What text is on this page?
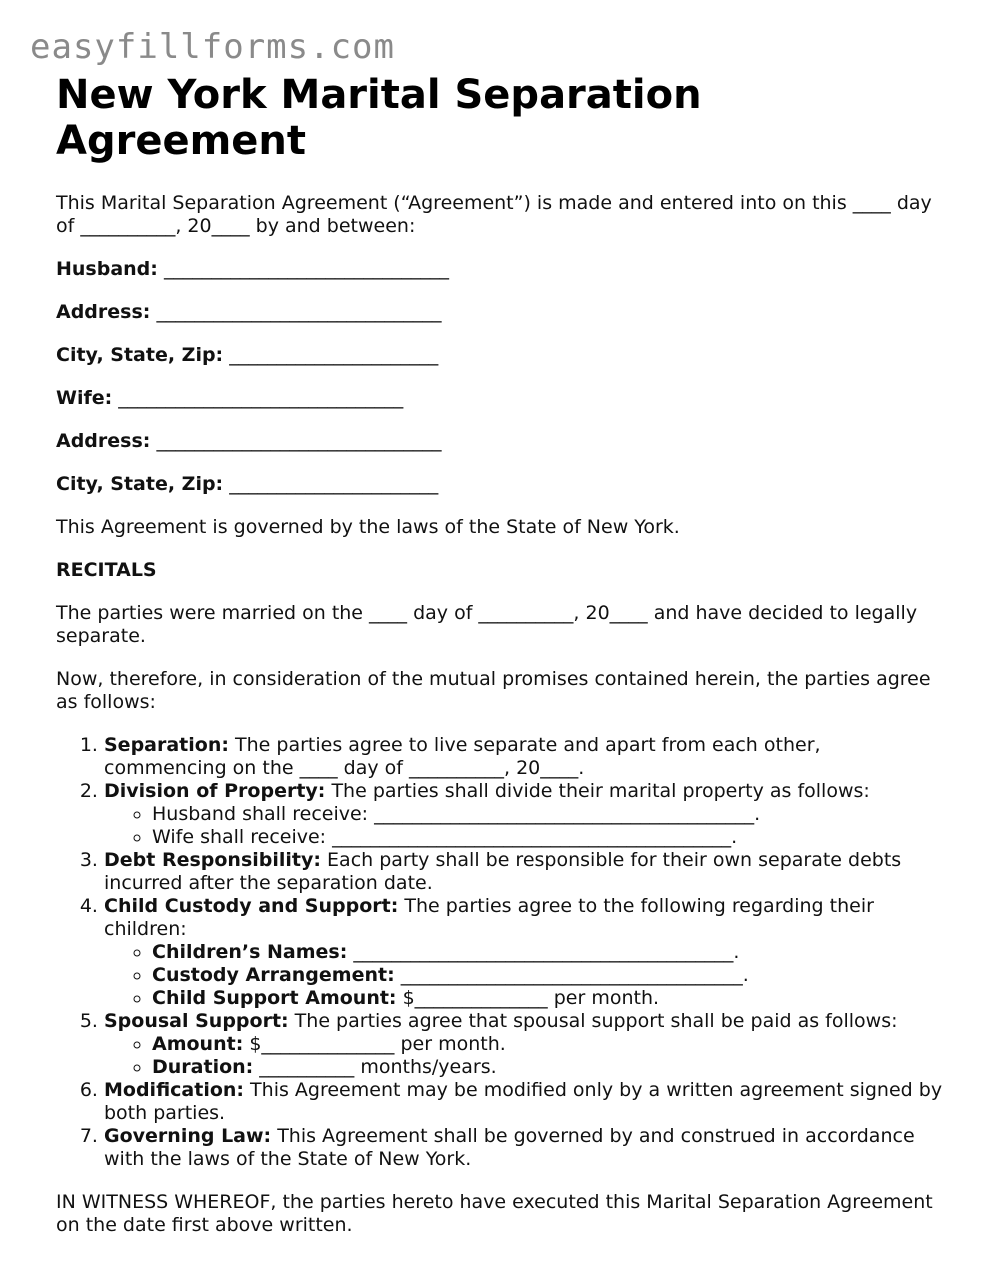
easyfillforms.com
New York Marital Separation Agreement

This Marital Separation Agreement (“Agreement”) is made and entered into on this ____ day of __________, 20____ by and between:

Husband: ______________________________

Address: ______________________________

City, State, Zip: ______________________

Wife: ______________________________

Address: ______________________________

City, State, Zip: ______________________

This Agreement is governed by the laws of the State of New York.

RECITALS

The parties were married on the ____ day of __________, 20____ and have decided to legally separate.

Now, therefore, in consideration of the mutual promises contained herein, the parties agree as follows:

1. Separation: The parties agree to live separate and apart from each other, commencing on the ____ day of __________, 20____.
2. Division of Property: The parties shall divide their marital property as follows:
◦ Husband shall receive: ________________________________________.
◦ Wife shall receive: __________________________________________.
3. Debt Responsibility: Each party shall be responsible for their own separate debts incurred after the separation date.
4. Child Custody and Support: The parties agree to the following regarding their children:
◦ Children’s Names: ________________________________________.
◦ Custody Arrangement: ____________________________________.
◦ Child Support Amount: $______________ per month.
5. Spousal Support: The parties agree that spousal support shall be paid as follows:
◦ Amount: $______________ per month.
◦ Duration: __________ months/years.
6. Modification: This Agreement may be modified only by a written agreement signed by both parties.
7. Governing Law: This Agreement shall be governed by and construed in accordance with the laws of the State of New York.

IN WITNESS WHEREOF, the parties hereto have executed this Marital Separation Agreement on the date first above written.
